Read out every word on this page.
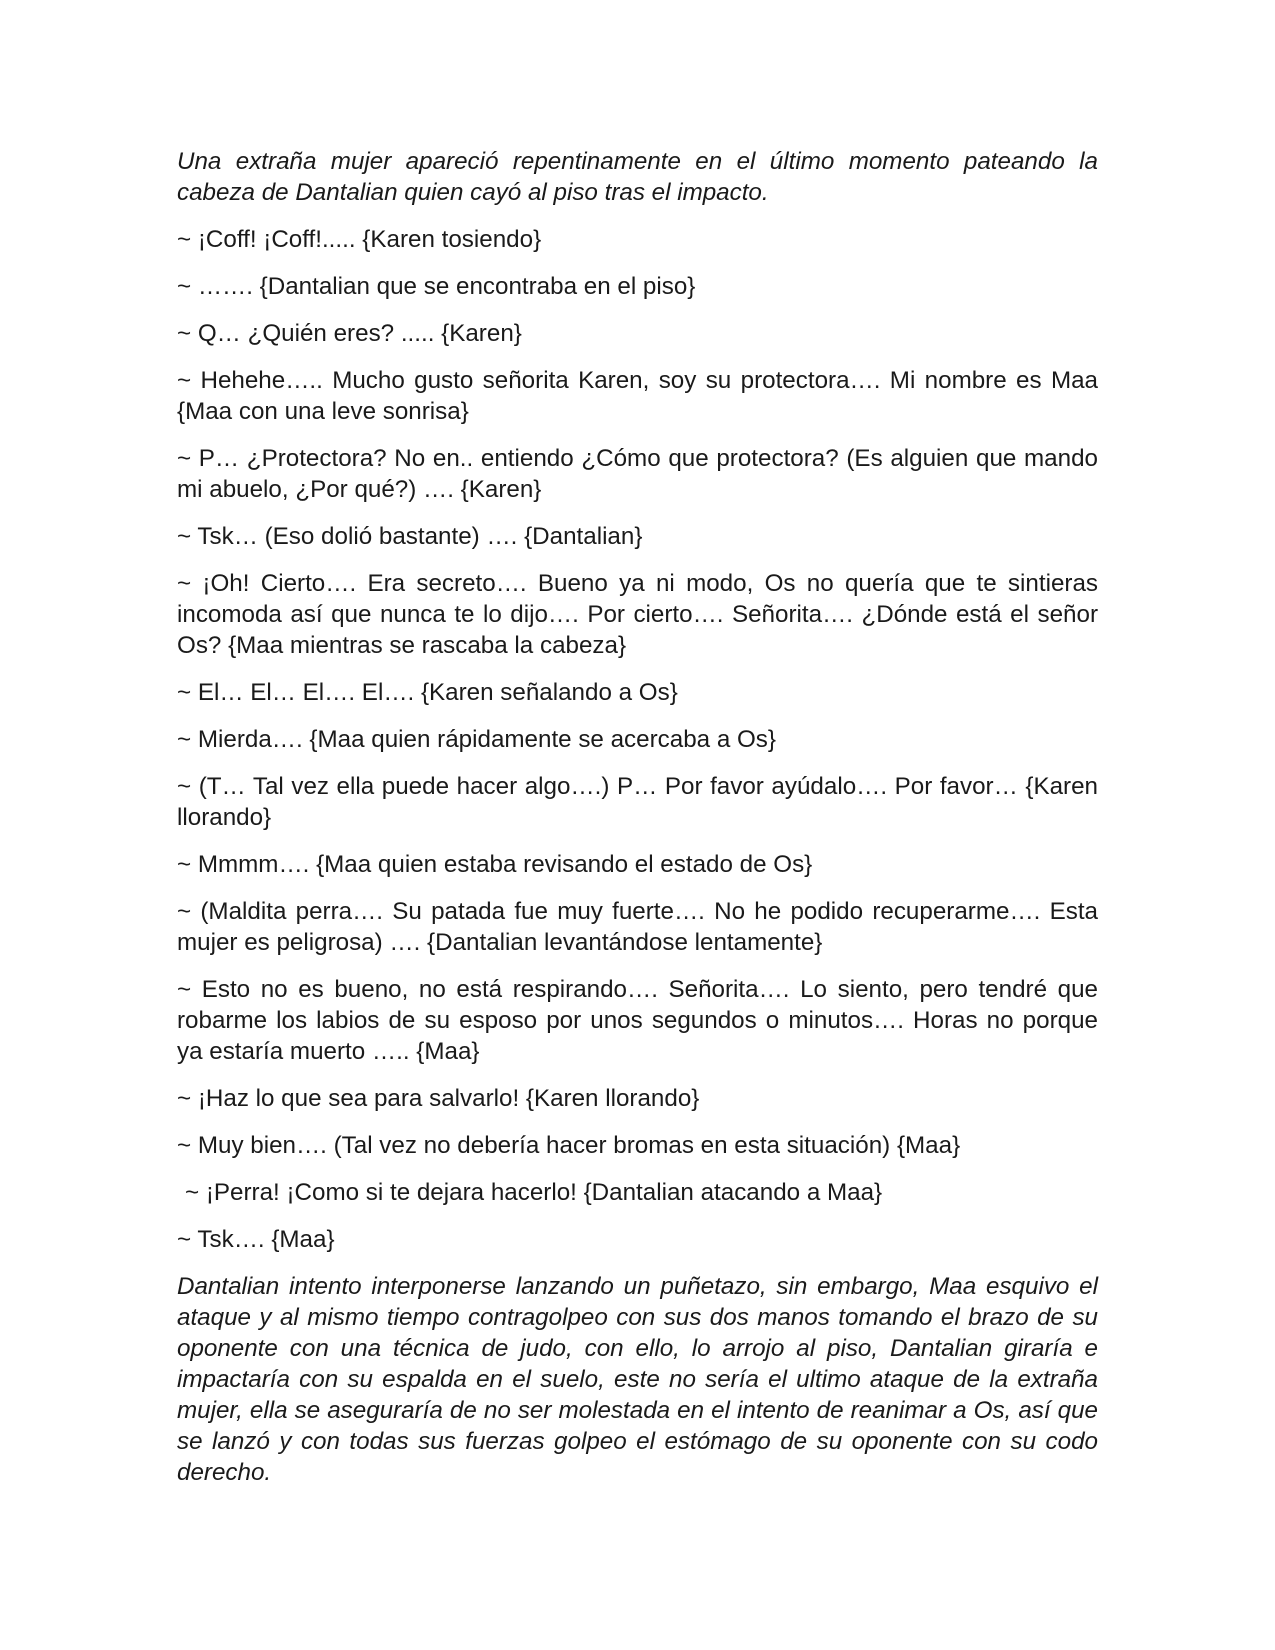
Una extraña mujer apareció repentinamente en el último momento pateando la cabeza de Dantalian quien cayó al piso tras el impacto.

~ ¡Coff! ¡Coff!..... {Karen tosiendo}

~ ……. {Dantalian que se encontraba en el piso}

~ Q… ¿Quién eres? ..... {Karen}

~ Hehehe….. Mucho gusto señorita Karen, soy su protectora…. Mi nombre es Maa {Maa con una leve sonrisa}

~ P… ¿Protectora? No en.. entiendo ¿Cómo que protectora? (Es alguien que mando mi abuelo, ¿Por qué?) …. {Karen}

~ Tsk… (Eso dolió bastante) …. {Dantalian}

~ ¡Oh! Cierto…. Era secreto…. Bueno ya ni modo, Os no quería que te sintieras incomoda así que nunca te lo dijo…. Por cierto…. Señorita…. ¿Dónde está el señor Os? {Maa mientras se rascaba la cabeza}

~ El… El… El…. El…. {Karen señalando a Os}

~ Mierda…. {Maa quien rápidamente se acercaba a Os}

~ (T… Tal vez ella puede hacer algo….) P… Por favor ayúdalo…. Por favor… {Karen llorando}

~ Mmmm…. {Maa quien estaba revisando el estado de Os}

~ (Maldita perra…. Su patada fue muy fuerte…. No he podido recuperarme…. Esta mujer es peligrosa) …. {Dantalian levantándose lentamente}

~ Esto no es bueno, no está respirando…. Señorita…. Lo siento, pero tendré que robarme los labios de su esposo por unos segundos o minutos…. Horas no porque ya estaría muerto ….. {Maa}

~ ¡Haz lo que sea para salvarlo! {Karen llorando}

~ Muy bien…. (Tal vez no debería hacer bromas en esta situación) {Maa}

~ ¡Perra! ¡Como si te dejara hacerlo! {Dantalian atacando a Maa}

~ Tsk…. {Maa}

Dantalian intento interponerse lanzando un puñetazo, sin embargo, Maa esquivo el ataque y al mismo tiempo contragolpeo con sus dos manos tomando el brazo de su oponente con una técnica de judo, con ello, lo arrojo al piso, Dantalian giraría e impactaría con su espalda en el suelo, este no sería el ultimo ataque de la extraña mujer, ella se aseguraría de no ser molestada en el intento de reanimar a Os, así que se lanzó y con todas sus fuerzas golpeo el estómago de su oponente con su codo derecho.
